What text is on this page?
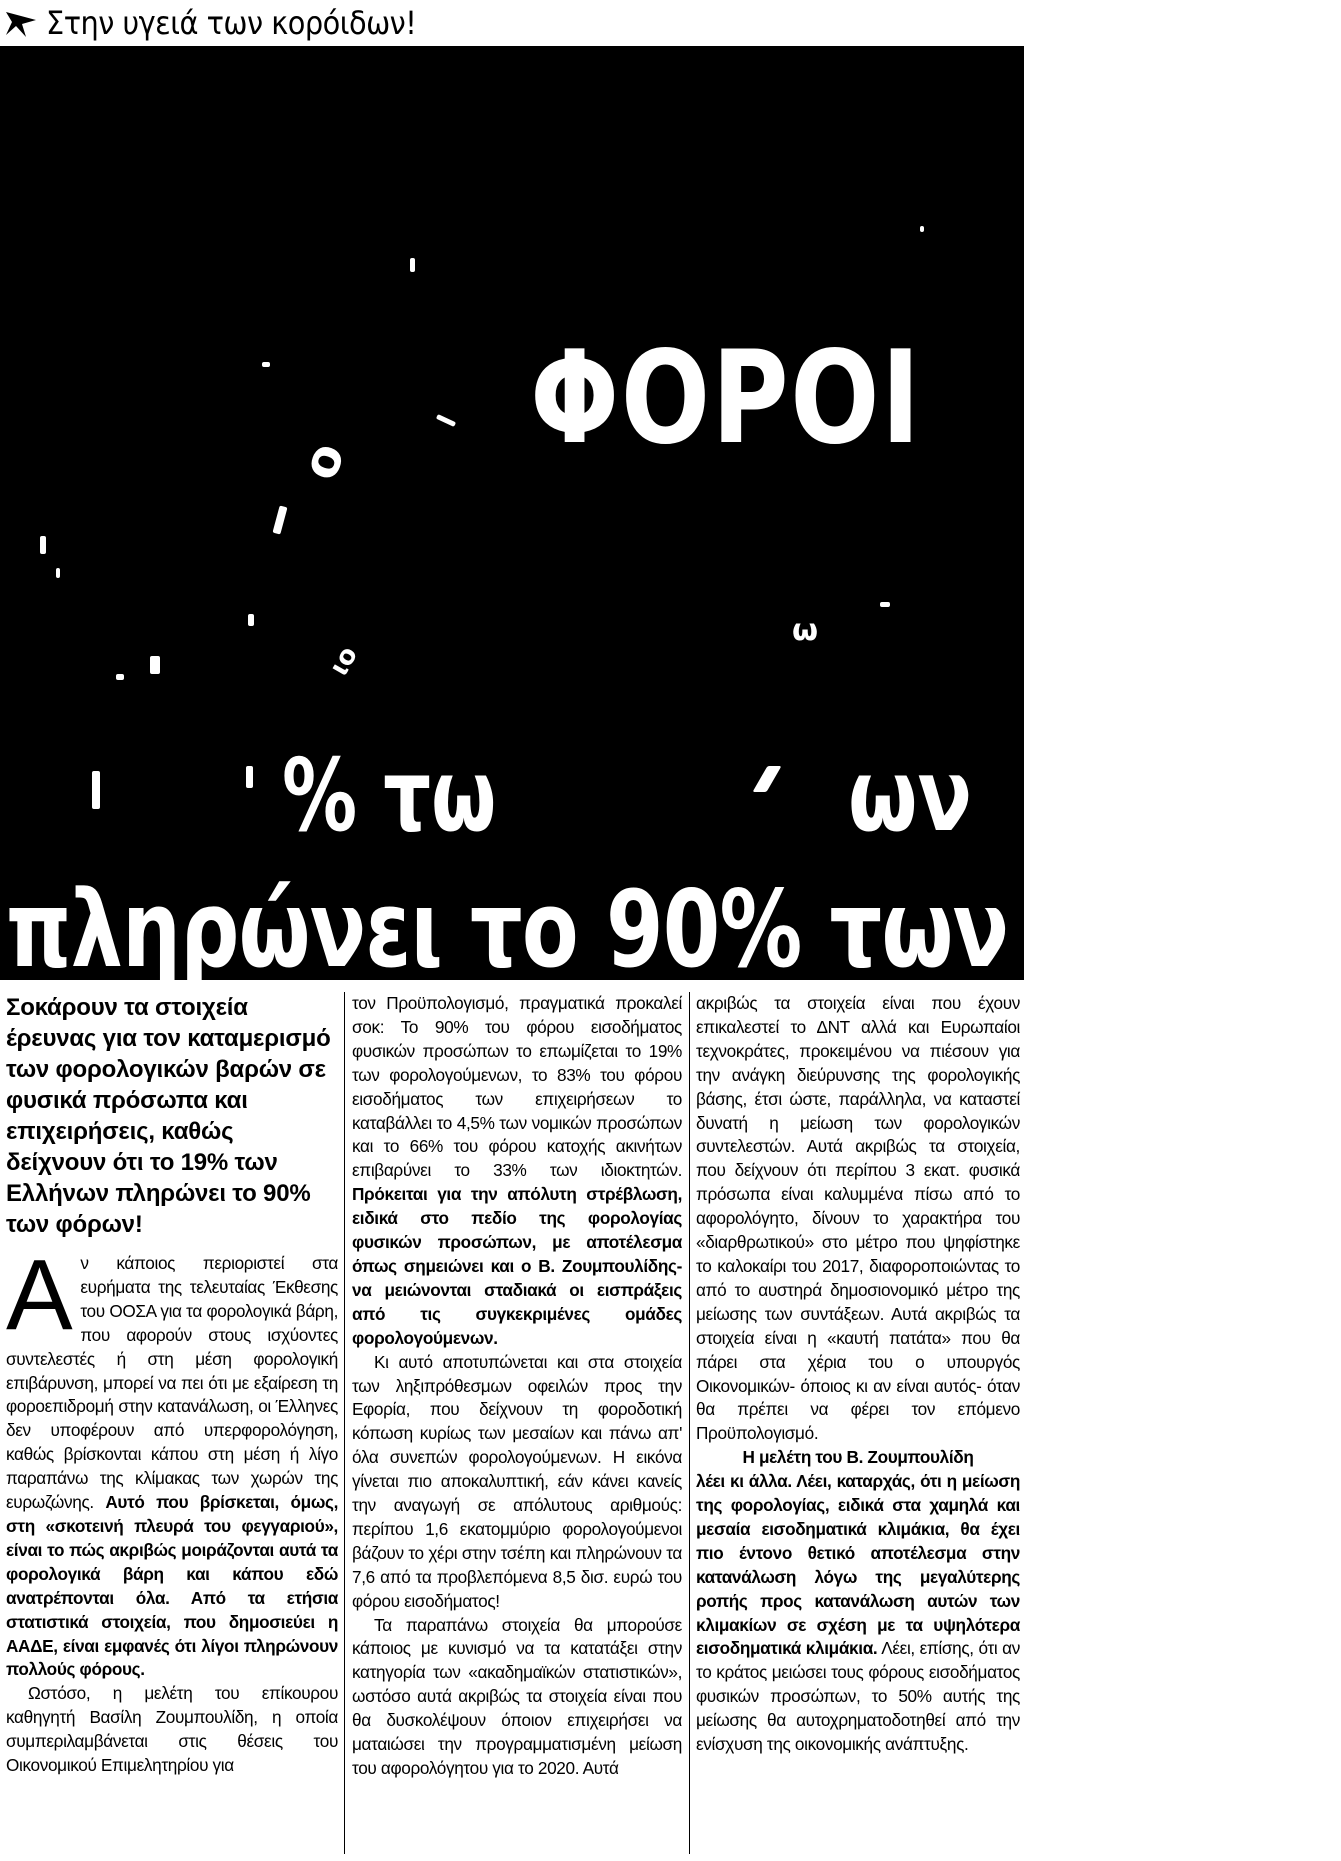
Στην υγειά των κορόιδων!
ΦΟΡΟΙ
% τω	ων
ω
ιο
ο
πληρώνει το 90% των φόρων
Σοκάρουν τα στοιχεία έρευνας για τον καταμερισμό των φορολογικών βαρών σε φυσικά πρόσωπα και επιχειρήσεις, καθώς δείχνουν ότι το 19% των Ελλήνων πληρώνει το 90% των φόρων!

Αν κάποιος περιοριστεί στα ευρήματα της τελευταίας Έκθεσης του ΟΟΣΑ για τα φορολογικά βάρη, που αφορούν στους ισχύοντες συντελεστές ή στη μέση φορολογική επιβάρυνση, μπορεί να πει ότι με εξαίρεση τη φοροεπιδρομή στην κατανάλωση, οι Έλληνες δεν υποφέρουν από υπερφορολόγηση, καθώς βρίσκονται κάπου στη μέση ή λίγο παραπάνω της κλίμακας των χωρών της ευρωζώνης. Αυτό που βρίσκεται, όμως, στη «σκοτεινή πλευρά του φεγγαριού», είναι το πώς ακριβώς μοιράζονται αυτά τα φορολογικά βάρη και κάπου εδώ ανατρέπονται όλα. Από τα ετήσια στατιστικά στοιχεία, που δημοσιεύει η ΑΑΔΕ, είναι εμφανές ότι λίγοι πληρώνουν πολλούς φόρους.

Ωστόσο, η μελέτη του επίκουρου καθηγητή Βασίλη Ζουμπουλίδη, η οποία συμπεριλαμβάνεται στις θέσεις του Οικονομικού Επιμελητηρίου για

τον Προϋπολογισμό, πραγματικά προκαλεί σοκ: Το 90% του φόρου εισοδήματος φυσικών προσώπων το επωμίζεται το 19% των φορολογούμενων, το 83% του φόρου εισοδήματος των επιχειρήσεων το καταβάλλει το 4,5% των νομικών προσώπων και το 66% του φόρου κατοχής ακινήτων επιβαρύνει το 33% των ιδιοκτητών. Πρόκειται για την απόλυτη στρέβλωση, ειδικά στο πεδίο της φορολογίας φυσικών προσώπων, με αποτέλεσμα όπως σημειώνει και ο Β. Ζουμπουλίδης- να μειώνονται σταδιακά οι εισπράξεις από τις συγκεκριμένες ομάδες φορολογούμενων.

Κι αυτό αποτυπώνεται και στα στοιχεία των ληξιπρόθεσμων οφειλών προς την Εφορία, που δείχνουν τη φοροδοτική κόπωση κυρίως των μεσαίων και πάνω απ' όλα συνεπών φορολογούμενων. Η εικόνα γίνεται πιο αποκαλυπτική, εάν κάνει κανείς την αναγωγή σε απόλυτους αριθμούς: περίπου 1,6 εκατομμύριο φορολογούμενοι βάζουν το χέρι στην τσέπη και πληρώνουν τα 7,6 από τα προβλεπόμενα 8,5 δισ. ευρώ του φόρου εισοδήματος!

Τα παραπάνω στοιχεία θα μπορούσε κάποιος με κυνισμό να τα κατατάξει στην κατηγορία των «ακαδημαϊκών στατιστικών», ωστόσο αυτά ακριβώς τα στοιχεία είναι που θα δυσκολέψουν όποιον επιχειρήσει να ματαιώσει την προγραμματισμένη μείωση του αφορολόγητου για το 2020. Αυτά

ακριβώς τα στοιχεία είναι που έχουν επικαλεστεί το ΔΝΤ αλλά και Ευρωπαίοι τεχνοκράτες, προκειμένου να πιέσουν για την ανάγκη διεύρυνσης της φορολογικής βάσης, έτσι ώστε, παράλληλα, να καταστεί δυνατή η μείωση των φορολογικών συντελεστών. Αυτά ακριβώς τα στοιχεία, που δείχνουν ότι περίπου 3 εκατ. φυσικά πρόσωπα είναι καλυμμένα πίσω από το αφορολόγητο, δίνουν το χαρακτήρα του «διαρθρωτικού» στο μέτρο που ψηφίστηκε το καλοκαίρι του 2017, διαφοροποιώντας το από το αυστηρά δημοσιονομικό μέτρο της μείωσης των συντάξεων. Αυτά ακριβώς τα στοιχεία είναι η «καυτή πατάτα» που θα πάρει στα χέρια του ο υπουργός Οικονομικών- όποιος κι αν είναι αυτός- όταν θα πρέπει να φέρει τον επόμενο Προϋπολογισμό.

Η μελέτη του Β. Ζουμπουλίδη

λέει κι άλλα. Λέει, καταρχάς, ότι η μείωση της φορολογίας, ειδικά στα χαμηλά και μεσαία εισοδηματικά κλιμάκια, θα έχει πιο έντονο θετικό αποτέλεσμα στην κατανάλωση λόγω της μεγαλύτερης ροπής προς κατανάλωση αυτών των κλιμακίων σε σχέση με τα υψηλότερα εισοδηματικά κλιμάκια. Λέει, επίσης, ότι αν το κράτος μειώσει τους φόρους εισοδήματος φυσικών προσώπων, το 50% αυτής της μείωσης θα αυτοχρηματοδοτηθεί από την ενίσχυση της οικονομικής ανάπτυξης.
